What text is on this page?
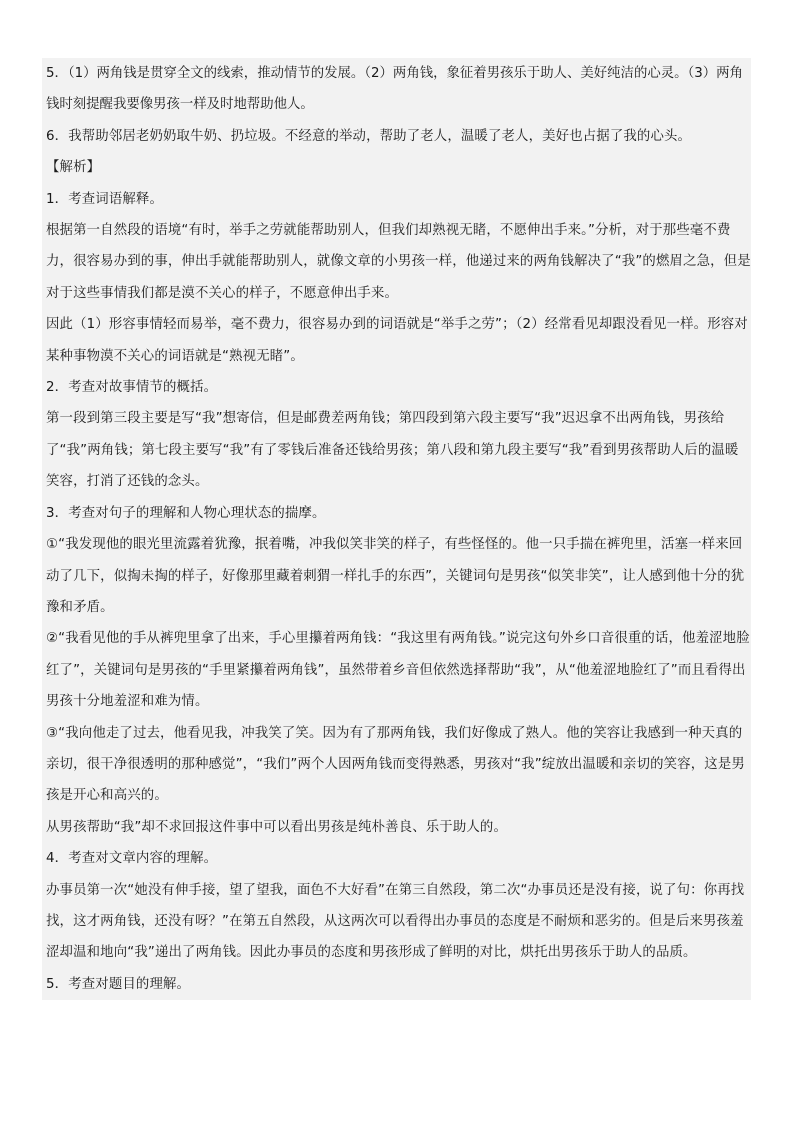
5．（1）两角钱是贯穿全文的线索，推动情节的发展。（2）两角钱，象征着男孩乐于助人、美好纯洁的心灵。（3）两角钱时刻提醒我要像男孩一样及时地帮助他人。

6．我帮助邻居老奶奶取牛奶、扔垃圾。不经意的举动，帮助了老人，温暖了老人，美好也占据了我的心头。

【解析】

1．考查词语解释。

根据第一自然段的语境“有时，举手之劳就能帮助别人，但我们却熟视无睹，不愿伸出手来。”分析，对于那些毫不费力，很容易办到的事，伸出手就能帮助别人，就像文章的小男孩一样，他递过来的两角钱解决了“我”的燃眉之急，但是对于这些事情我们都是漠不关心的样子，不愿意伸出手来。

因此（1）形容事情轻而易举，毫不费力，很容易办到的词语就是“举手之劳”；（2）经常看见却跟没看见一样。形容对某种事物漠不关心的词语就是“熟视无睹”。

2．考查对故事情节的概括。

第一段到第三段主要是写“我”想寄信，但是邮费差两角钱；第四段到第六段主要写“我”迟迟拿不出两角钱，男孩给了“我”两角钱；第七段主要写“我”有了零钱后准备还钱给男孩；第八段和第九段主要写“我”看到男孩帮助人后的温暖笑容，打消了还钱的念头。

3．考查对句子的理解和人物心理状态的揣摩。

①“我发现他的眼光里流露着犹豫，抿着嘴，冲我似笑非笑的样子，有些怪怪的。他一只手揣在裤兜里，活塞一样来回动了几下，似掏未掏的样子，好像那里藏着刺猬一样扎手的东西”，关键词句是男孩“似笑非笑”，让人感到他十分的犹豫和矛盾。

②“我看见他的手从裤兜里拿了出来，手心里攥着两角钱：“我这里有两角钱。”说完这句外乡口音很重的话，他羞涩地脸红了”，关键词句是男孩的“手里紧攥着两角钱”，虽然带着乡音但依然选择帮助“我”，从“他羞涩地脸红了”而且看得出男孩十分地羞涩和难为情。

③“我向他走了过去，他看见我，冲我笑了笑。因为有了那两角钱，我们好像成了熟人。他的笑容让我感到一种天真的亲切，很干净很透明的那种感觉”，“我们”两个人因两角钱而变得熟悉，男孩对“我”绽放出温暖和亲切的笑容，这是男孩是开心和高兴的。

从男孩帮助“我”却不求回报这件事中可以看出男孩是纯朴善良、乐于助人的。

4．考查对文章内容的理解。

办事员第一次“她没有伸手接，望了望我，面色不大好看”在第三自然段，第二次“办事员还是没有接，说了句：你再找找，这才两角钱，还没有呀？”在第五自然段，从这两次可以看得出办事员的态度是不耐烦和恶劣的。但是后来男孩羞涩却温和地向“我”递出了两角钱。因此办事员的态度和男孩形成了鲜明的对比，烘托出男孩乐于助人的品质。

5．考查对题目的理解。
